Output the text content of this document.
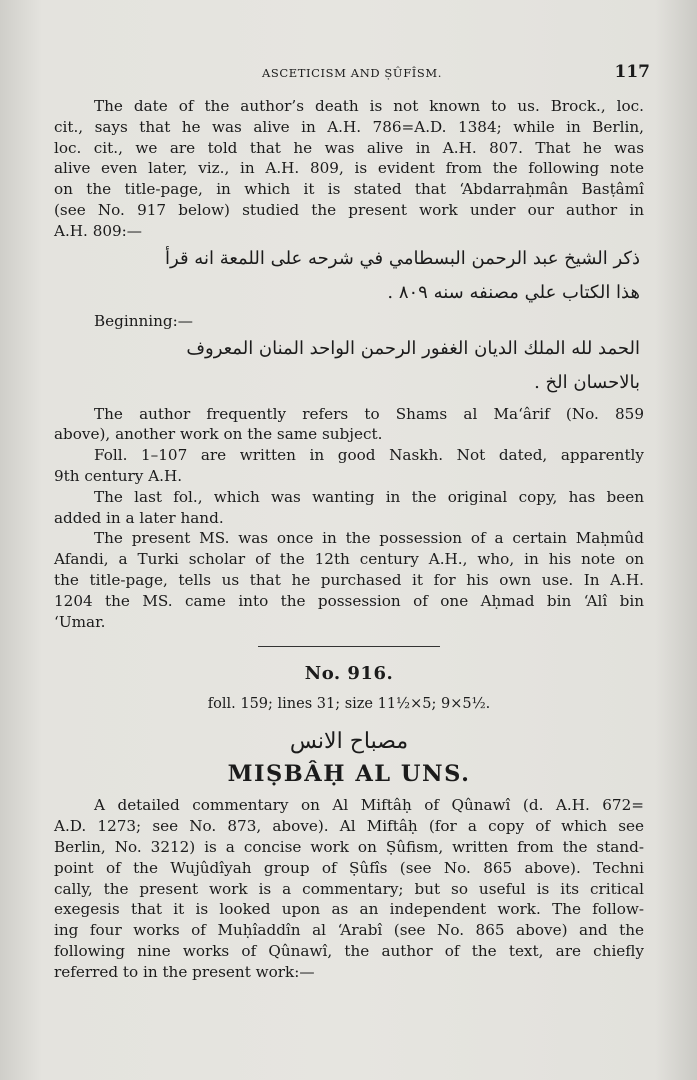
ASCETICISM AND ṢÛFÎSM.	117
The date of the author’s death is not known to us. Brock., loc.
cit., says that he was alive in A.H. 786=A.D. 1384; while in Berlin,
loc. cit., we are told that he was alive in A.H. 807. That he was
alive even later, viz., in A.H. 809, is evident from the following note
on the title-page, in which it is stated that ‘Abdarraḥmân Basṭâmî
(see No. 917 below) studied the present work under our author in
A.H. 809:—
ذكر الشيخ عبد الرحمن البسطامي في شرحه على اللمعة انه قرأ
هذا الكتاب علي مصنفه سنه ٨٠٩ .
Beginning:—
الحمد لله الملك الديان الغفور الرحمن الواحد المنان المعروف
بالاحسان الخ .
The author frequently refers to Shams al Ma‘ârif (No. 859
above), another work on the same subject.
Foll. 1–107 are written in good Naskh. Not dated, apparently
9th century A.H.
The last fol., which was wanting in the original copy, has been
added in a later hand.
The present MS. was once in the possession of a certain Maḥmûd
Afandi, a Turki scholar of the 12th century A.H., who, in his note on
the title-page, tells us that he purchased it for his own use. In A.H.
1204 the MS. came into the possession of one Aḥmad bin ‘Alî bin
‘Umar.
No. 916.
foll. 159; lines 31; size 11½×5; 9×5½.
مصباح الانس
MIṢBÂḤ AL UNS.
A detailed commentary on Al Miftâḥ of Qûnawî (d. A.H. 672=
A.D. 1273; see No. 873, above). Al Miftâḥ (for a copy of which see
Berlin, No. 3212) is a concise work on Ṣûfism, written from the stand-
point of the Wujûdîyah group of Ṣûfîs (see No. 865 above). Techni
cally, the present work is a commentary; but so useful is its critical
exegesis that it is looked upon as an independent work. The follow-
ing four works of Muḥîaddîn al ‘Arabî (see No. 865 above) and the
following nine works of Qûnawî, the author of the text, are chiefly
referred to in the present work:—
